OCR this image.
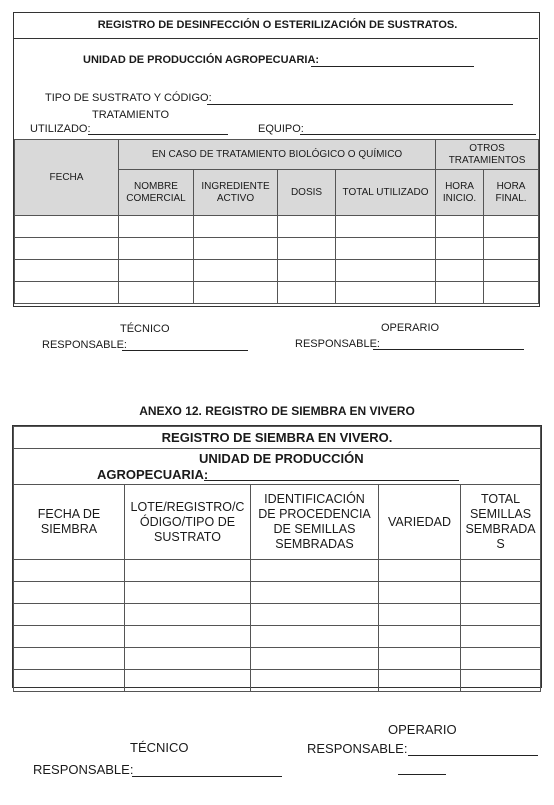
REGISTRO DE DESINFECCIÓN O ESTERILIZACIÓN DE SUSTRATOS.
UNIDAD DE PRODUCCIÓN AGROPECUARIA:
TIPO DE SUSTRATO Y CÓDIGO:
TRATAMIENTO
UTILIZADO:	EQUIPO:
FECHA	EN CASO DE TRATAMIENTO BIOLÓGICO O QUÍMICO				OTROS TRATAMIENTOS	
	NOMBRE COMERCIAL	INGREDIENTE ACTIVO	DOSIS	TOTAL UTILIZADO	HORA INICIO.	HORA FINAL.

TÉCNICO
RESPONSABLE:
OPERARIO
RESPONSABLE:
ANEXO 12. REGISTRO DE SIEMBRA EN VIVERO
REGISTRO DE SIEMBRA EN VIVERO.				

UNIDAD DE PRODUCCIÓN
AGROPECUARIA:				

FECHA DE SIEMBRA	LOTE/REGISTRO/C ÓDIGO/TIPO DE SUSTRATO	IDENTIFICACIÓN DE PROCEDENCIA DE SEMILLAS SEMBRADAS	VARIEDAD	TOTAL SEMILLAS SEMBRADA S

TÉCNICO
RESPONSABLE:
OPERARIO
RESPONSABLE:
